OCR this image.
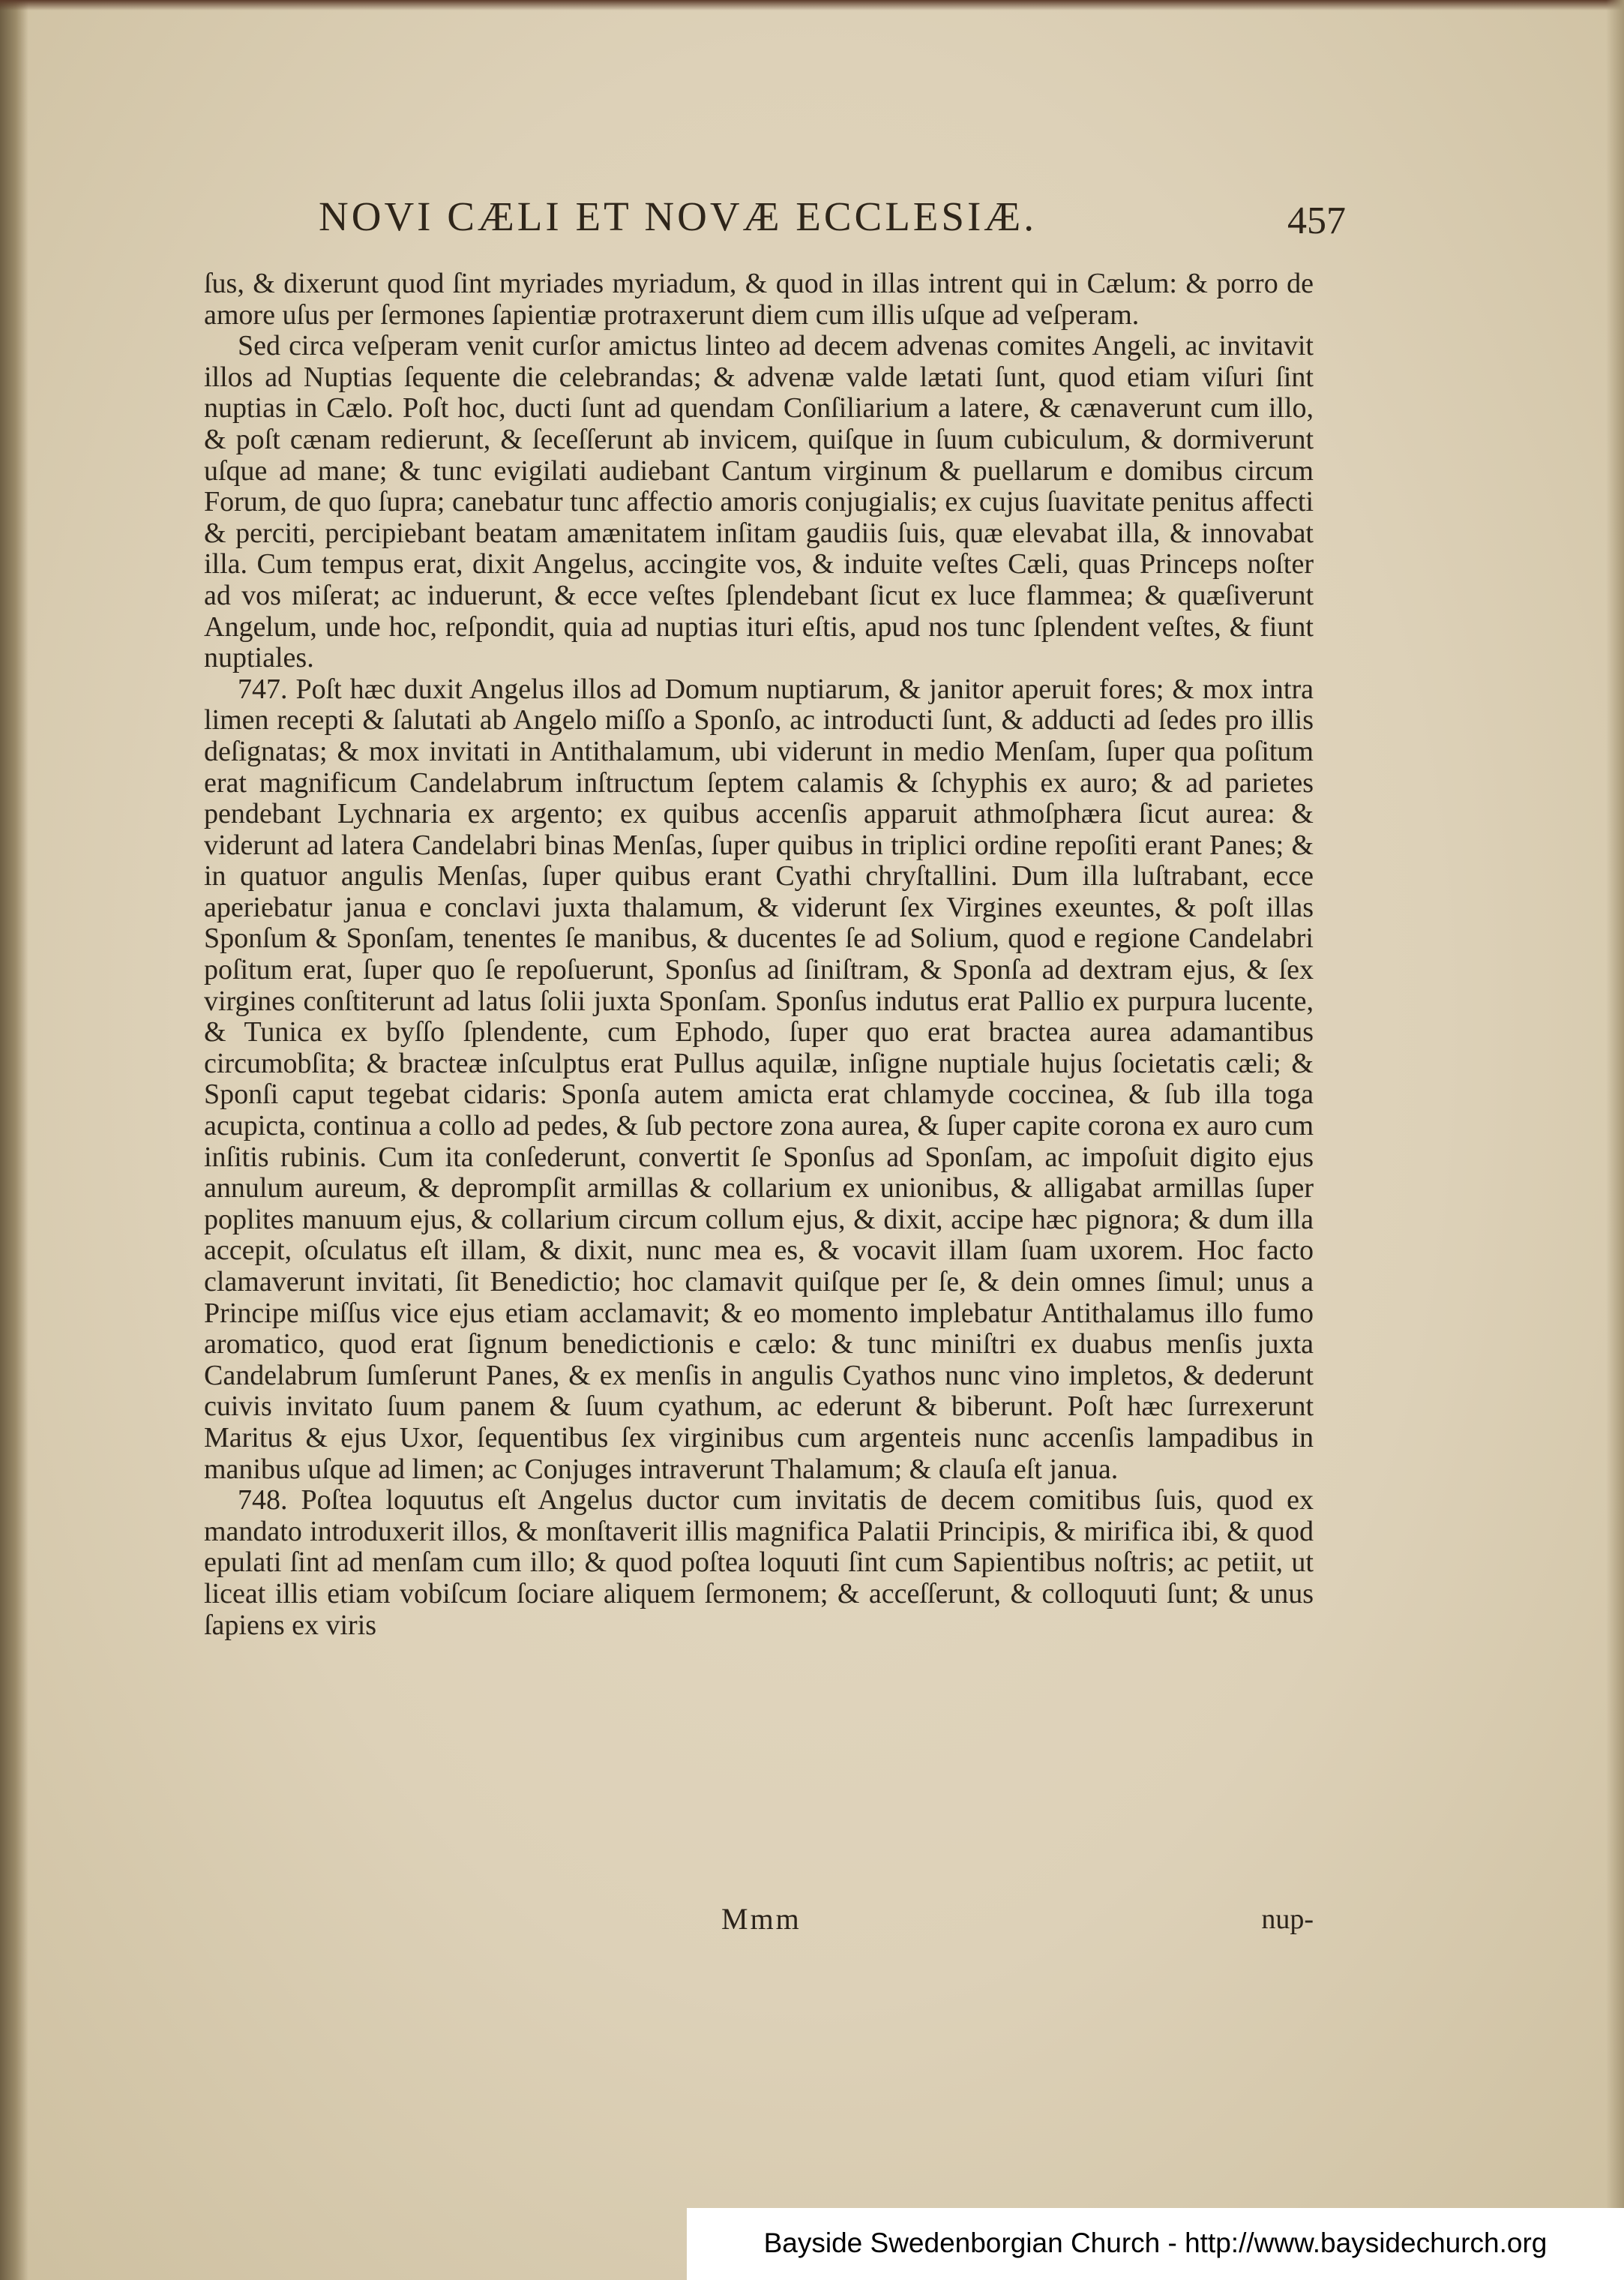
NOVI CÆLI ET NOVÆ ECCLESIÆ.	457

ſus, & dixerunt quod ſint myriades myriadum, & quod in illas intrent qui in Cælum: & porro de amore uſus per ſermones ſapientiæ protraxerunt diem cum illis uſque ad veſperam.

Sed circa veſperam venit curſor amictus linteo ad decem advenas comites Angeli, ac invitavit illos ad Nuptias ſequente die celebrandas; & advenæ valde lætati ſunt, quod etiam viſuri ſint nuptias in Cælo. Poſt hoc, ducti ſunt ad quendam Conſiliarium a latere, & cænaverunt cum illo, & poſt cænam redierunt, & ſeceſſerunt ab invicem, quiſque in ſuum cubiculum, & dormiverunt uſque ad mane; & tunc evigilati audiebant Cantum virginum & puellarum e domibus circum Forum, de quo ſupra; canebatur tunc affectio amoris conjugialis; ex cujus ſuavitate penitus affecti & perciti, percipiebant beatam amænitatem inſitam gaudiis ſuis, quæ elevabat illa, & innovabat illa. Cum tempus erat, dixit Angelus, accingite vos, & induite veſtes Cæli, quas Princeps noſter ad vos miſerat; ac induerunt, & ecce veſtes ſplendebant ſicut ex luce flammea; & quæſiverunt Angelum, unde hoc, reſpondit, quia ad nuptias ituri eſtis, apud nos tunc ſplendent veſtes, & fiunt nuptiales.

747. Poſt hæc duxit Angelus illos ad Domum nuptiarum, & janitor aperuit fores; & mox intra limen recepti & ſalutati ab Angelo miſſo a Sponſo, ac introducti ſunt, & adducti ad ſedes pro illis deſignatas; & mox invitati in Antithalamum, ubi viderunt in medio Menſam, ſuper qua poſitum erat magnificum Candelabrum inſtructum ſeptem calamis & ſchyphis ex auro; & ad parietes pendebant Lychnaria ex argento; ex quibus accenſis apparuit athmoſphæra ſicut aurea: & viderunt ad latera Candelabri binas Menſas, ſuper quibus in triplici ordine repoſiti erant Panes; & in quatuor angulis Menſas, ſuper quibus erant Cyathi chryſtallini. Dum illa luſtrabant, ecce aperiebatur janua e conclavi juxta thalamum, & viderunt ſex Virgines exeuntes, & poſt illas Sponſum & Sponſam, tenentes ſe manibus, & ducentes ſe ad Solium, quod e regione Candelabri poſitum erat, ſuper quo ſe repoſuerunt, Sponſus ad ſiniſtram, & Sponſa ad dextram ejus, & ſex virgines conſtiterunt ad latus ſolii juxta Sponſam. Sponſus indutus erat Pallio ex purpura lucente, & Tunica ex byſſo ſplendente, cum Ephodo, ſuper quo erat bractea aurea adamantibus circumobſita; & bracteæ inſculptus erat Pullus aquilæ, inſigne nuptiale hujus ſocietatis cæli; & Sponſi caput tegebat cidaris: Sponſa autem amicta erat chlamyde coccinea, & ſub illa toga acupicta, continua a collo ad pedes, & ſub pectore zona aurea, & ſuper capite corona ex auro cum inſitis rubinis. Cum ita conſederunt, convertit ſe Sponſus ad Sponſam, ac impoſuit digito ejus annulum aureum, & deprompſit armillas & collarium ex unionibus, & alligabat armillas ſuper poplites manuum ejus, & collarium circum collum ejus, & dixit, accipe hæc pignora; & dum illa accepit, oſculatus eſt illam, & dixit, nunc mea es, & vocavit illam ſuam uxorem. Hoc facto clamaverunt invitati, ſit Benedictio; hoc clamavit quiſque per ſe, & dein omnes ſimul; unus a Principe miſſus vice ejus etiam acclamavit; & eo momento implebatur Antithalamus illo fumo aromatico, quod erat ſignum benedictionis e cælo: & tunc miniſtri ex duabus menſis juxta Candelabrum ſumſerunt Panes, & ex menſis in angulis Cyathos nunc vino impletos, & dederunt cuivis invitato ſuum panem & ſuum cyathum, ac ederunt & biberunt. Poſt hæc ſurrexerunt Maritus & ejus Uxor, ſequentibus ſex virginibus cum argenteis nunc accenſis lampadibus in manibus uſque ad limen; ac Conjuges intraverunt Thalamum; & clauſa eſt janua.

748. Poſtea loquutus eſt Angelus ductor cum invitatis de decem comitibus ſuis, quod ex mandato introduxerit illos, & monſtaverit illis magnifica Palatii Principis, & mirifica ibi, & quod epulati ſint ad menſam cum illo; & quod poſtea loquuti ſint cum Sapientibus noſtris; ac petiit, ut liceat illis etiam vobiſcum ſociare aliquem ſermonem; & acceſſerunt, & colloquuti ſunt; & unus ſapiens ex viris

Mmm	nup-
Bayside Swedenborgian Church - http://www.baysidechurch.org
